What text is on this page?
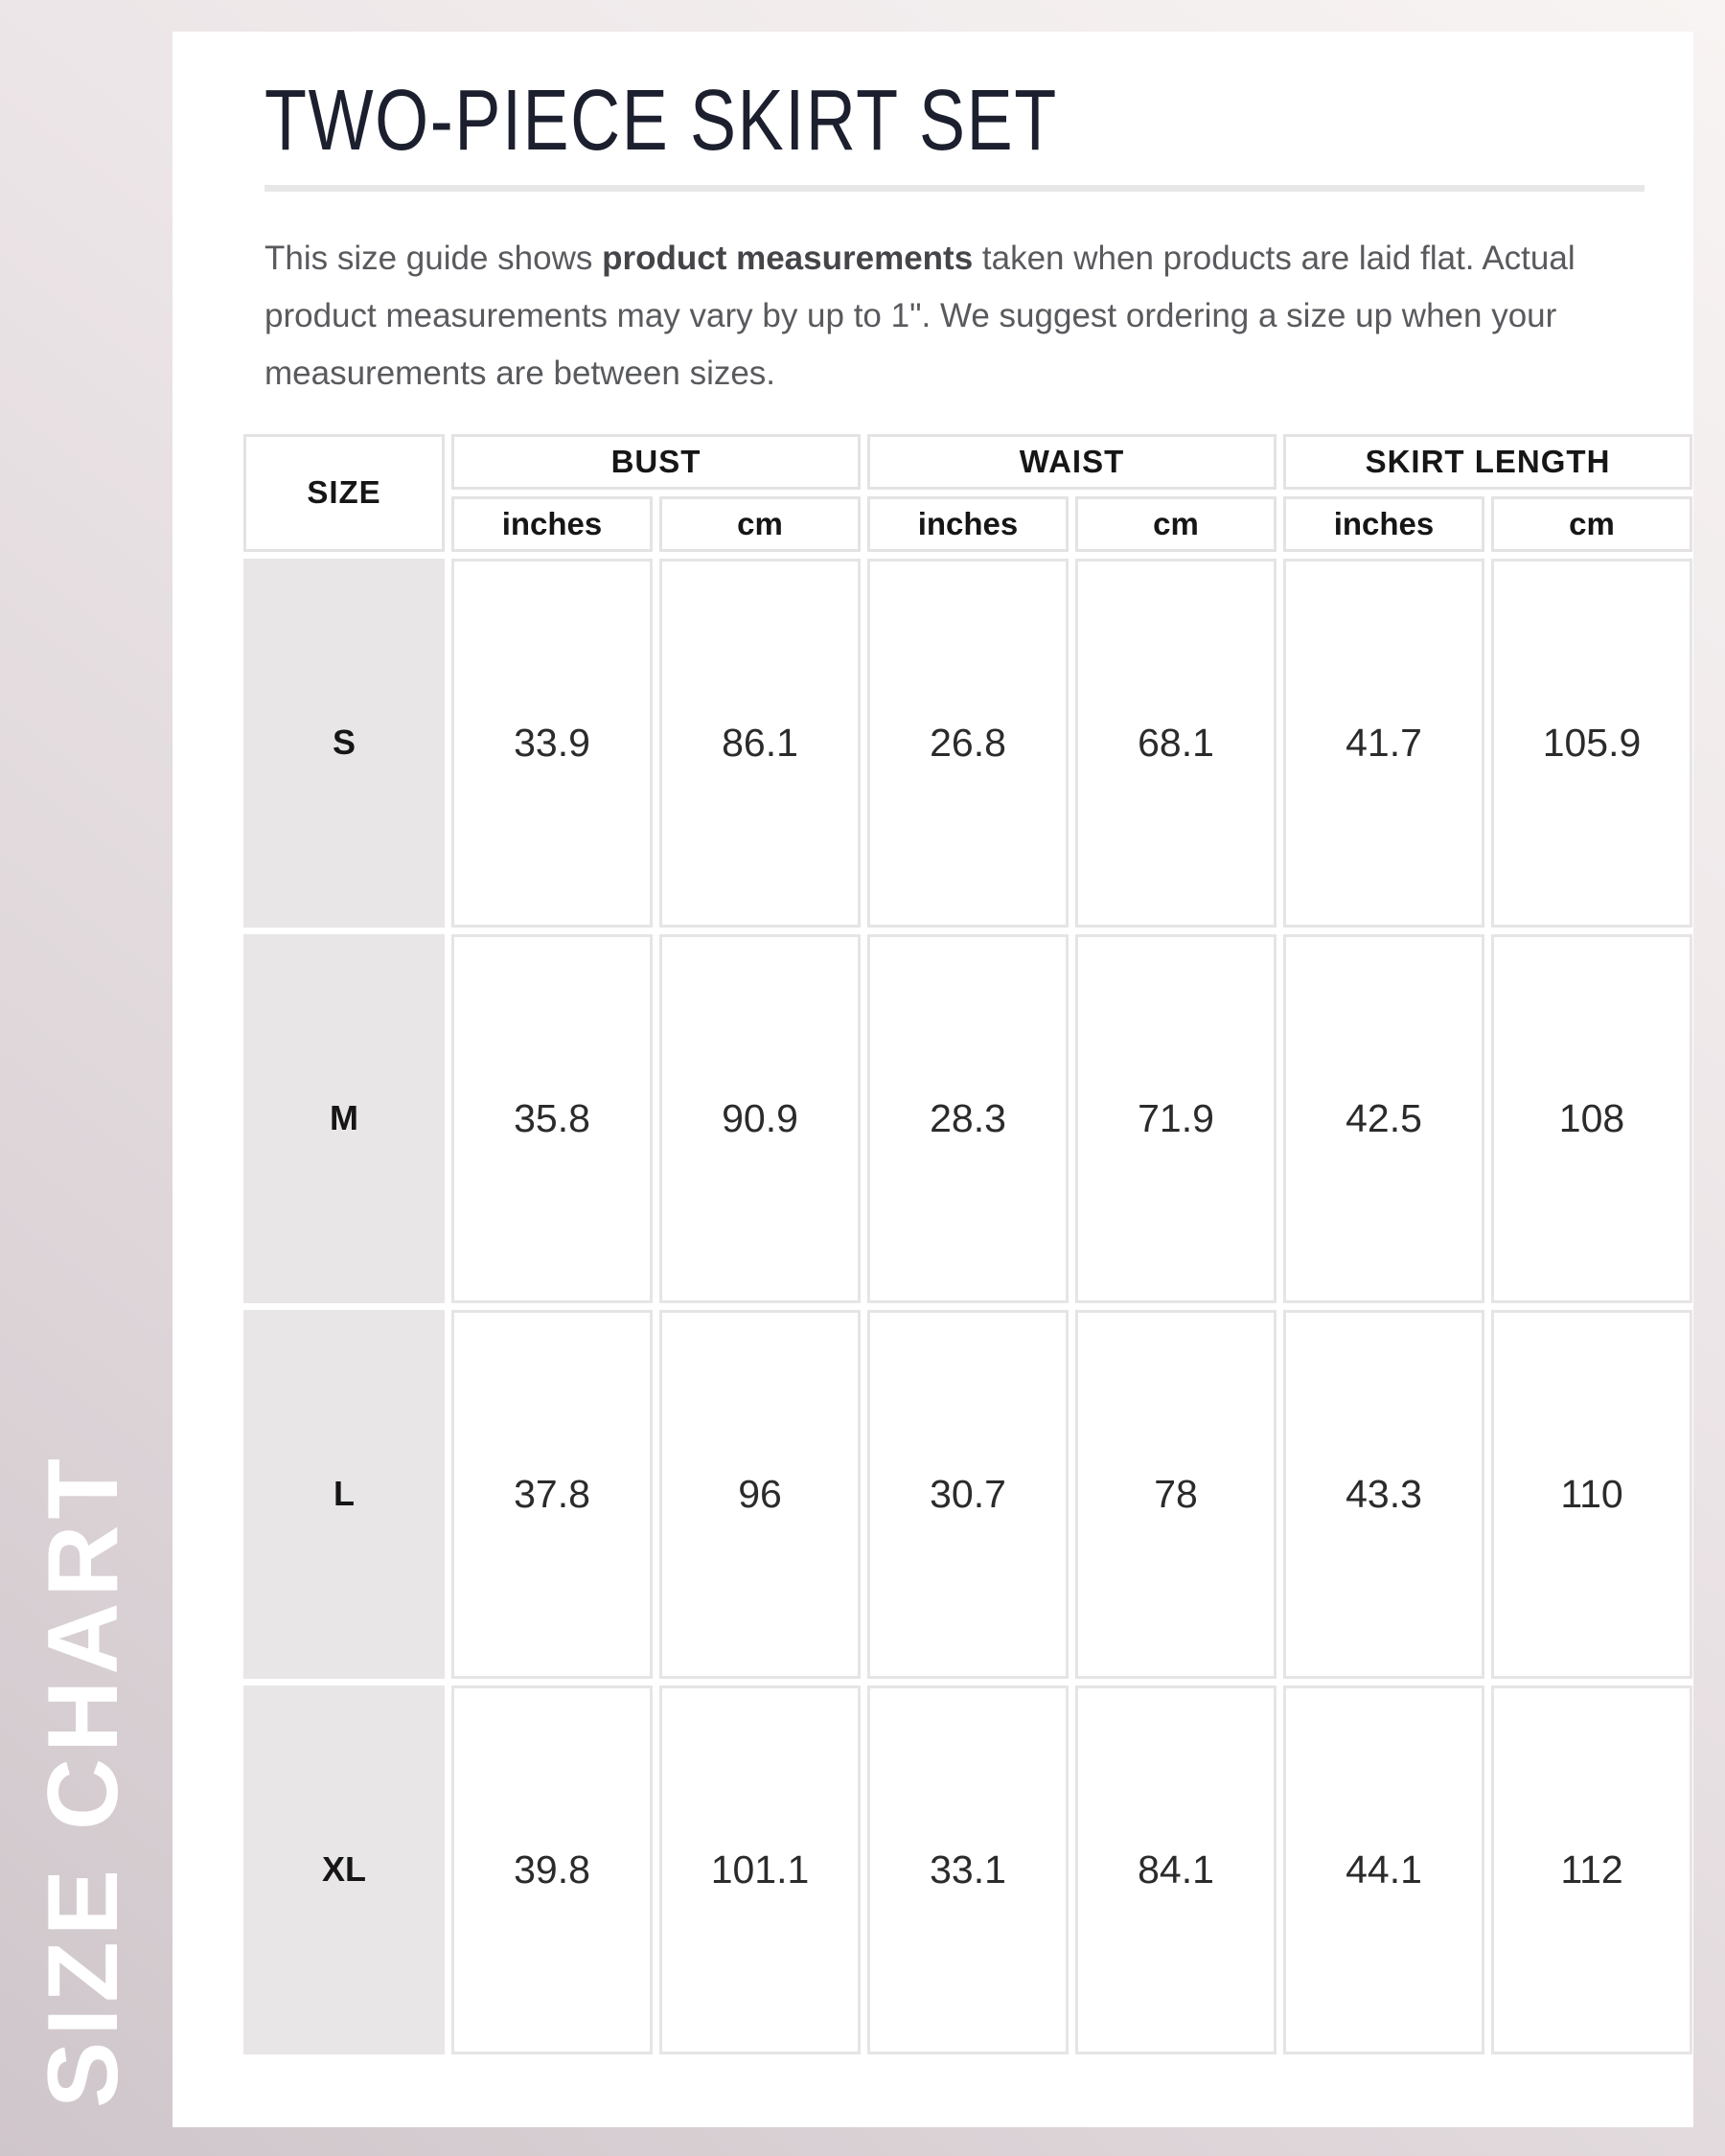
SIZE CHART
TWO-PIECE SKIRT SET

This size guide shows product measurements taken when products are laid flat. Actual product measurements may vary by up to 1". We suggest ordering a size up when your measurements are between sizes.

SIZE	BUST		WAIST		SKIRT LENGTH	
	inches	cm	inches	cm	inches	cm
S	33.9	86.1	26.8	68.1	41.7	105.9
M	35.8	90.9	28.3	71.9	42.5	108
L	37.8	96	30.7	78	43.3	110
XL	39.8	101.1	33.1	84.1	44.1	112
